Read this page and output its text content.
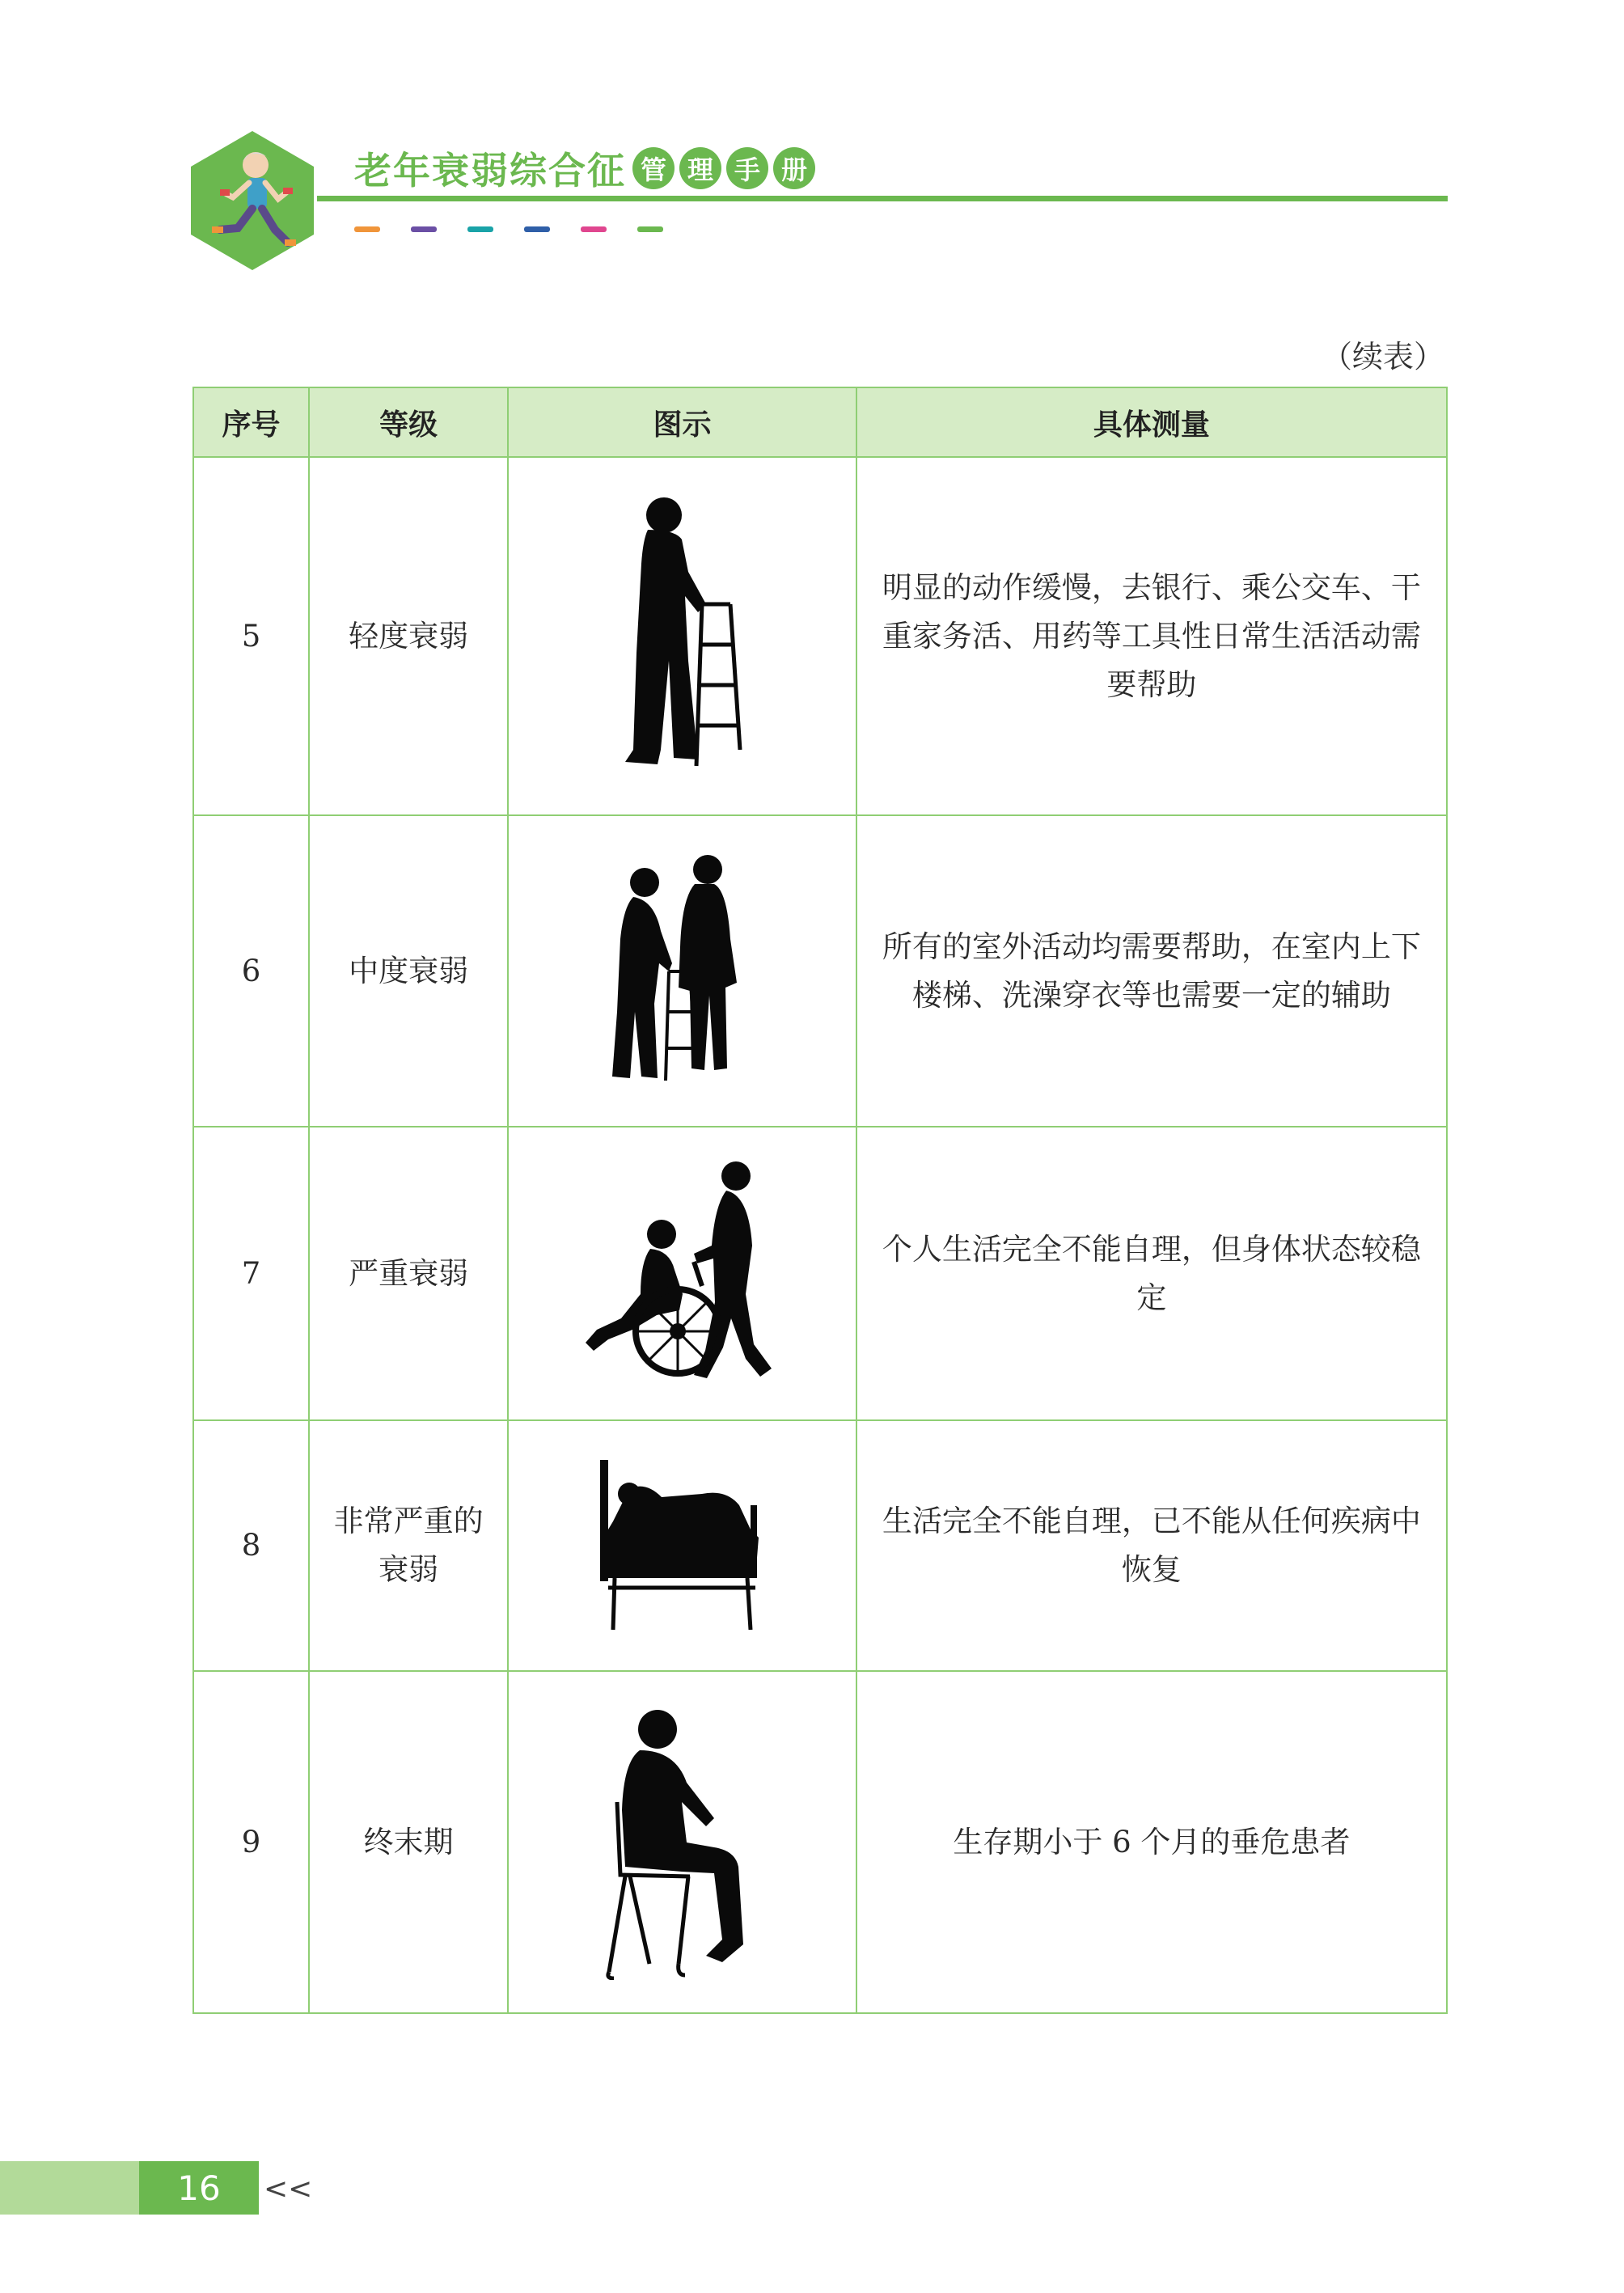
老年衰弱综合征 管 理 手 册
（续表）
序号	等级	图示	具体测量
5	轻度衰弱		明显的动作缓慢，去银行、乘公交车、干重家务活、用药等工具性日常生活活动需要帮助
6	中度衰弱		所有的室外活动均需要帮助，在室内上下楼梯、洗澡穿衣等也需要一定的辅助
7	严重衰弱		个人生活完全不能自理，但身体状态较稳定
8	非常严重的衰弱		生活完全不能自理，已不能从任何疾病中恢复
9	终末期		生存期小于 6 个月的垂危患者
16	<<
